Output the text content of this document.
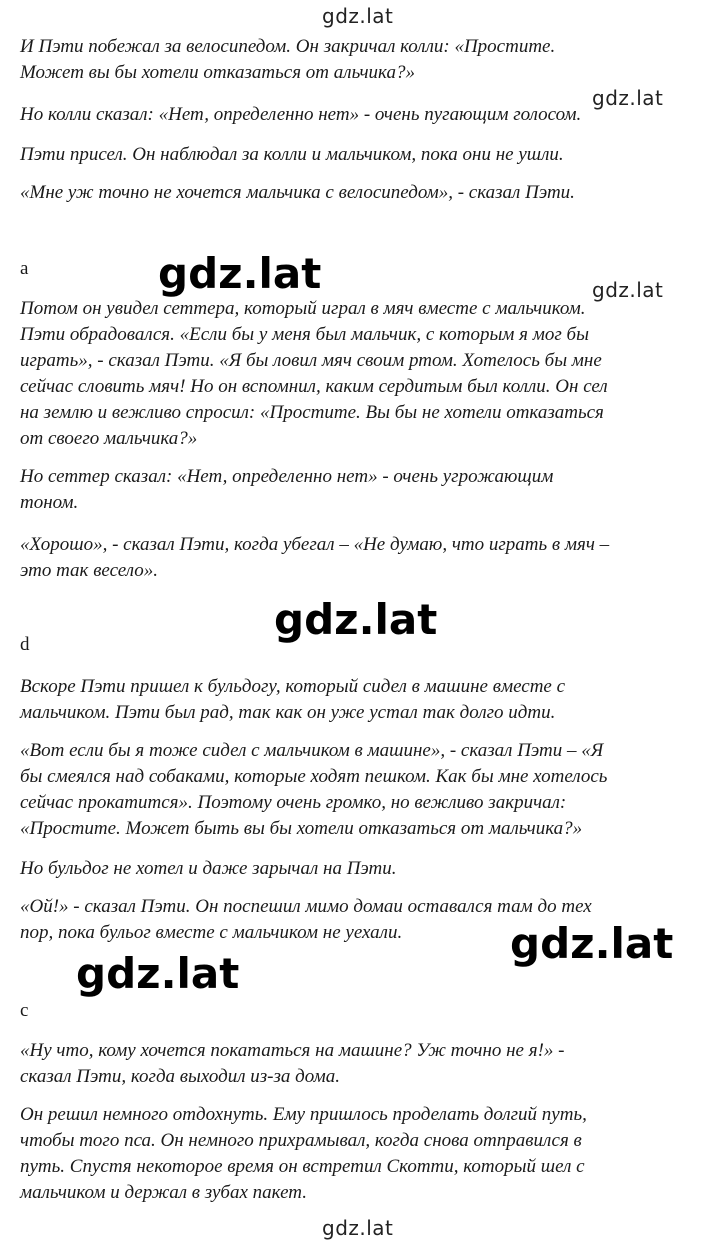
gdz.lat

И Пэти побежал за велосипедом. Он закричал колли: «Простите.
Может вы бы хотели отказаться от альчика?»

gdz.lat

Но колли сказал: «Нет, определенно нет» - очень пугающим голосом.

Пэти присел. Он наблюдал за колли и мальчиком, пока они не ушли.

«Мне уж точно не хочется мальчика с велосипедом», - сказал Пэти.

a	gdz.lat	gdz.lat

Потом он увидел сеттера, который играл в мяч вместе с мальчиком.
Пэти обрадовался. «Если бы у меня был мальчик, с которым я мог бы
играть», - сказал Пэти. «Я бы ловил мяч своим ртом. Хотелось бы мне
сейчас словить мяч! Но он вспомнил, каким сердитым был колли. Он сел
на землю и вежливо спросил: «Простите. Вы бы не хотели отказаться
от своего мальчика?»

Но сеттер сказал: «Нет, определенно нет» - очень угрожающим
тоном.

«Хорошо», - сказал Пэти, когда убегал – «Не думаю, что играть в мяч –
это так весело».

gdz.lat

d

Вскоре Пэти пришел к бульдогу, который сидел в машине вместе с
мальчиком. Пэти был рад, так как он уже устал так долго идти.

«Вот если бы я тоже сидел с мальчиком в машине», - сказал Пэти – «Я
бы смеялся над собаками, которые ходят пешком. Как бы мне хотелось
сейчас прокатится». Поэтому очень громко, но вежливо закричал:
«Простите. Может быть вы бы хотели отказаться от мальчика?»

Но бульдог не хотел и даже зарычал на Пэти.

«Ой!» - сказал Пэти. Он поспешил мимо домаи оставался там до тех
пор, пока бульог вместе с мальчиком не уехали.	gdz.lat
gdz.lat

c

«Ну что, кому хочется покататься на машине? Уж точно не я!» -
сказал Пэти, когда выходил из-за дома.

Он решил немного отдохнуть. Ему пришлось проделать долгий путь,
чтобы того пса. Он немного прихрамывал, когда снова отправился в
путь. Спустя некоторое время он встретил Скотти, который шел с
мальчиком и держал в зубах пакет.

gdz.lat
